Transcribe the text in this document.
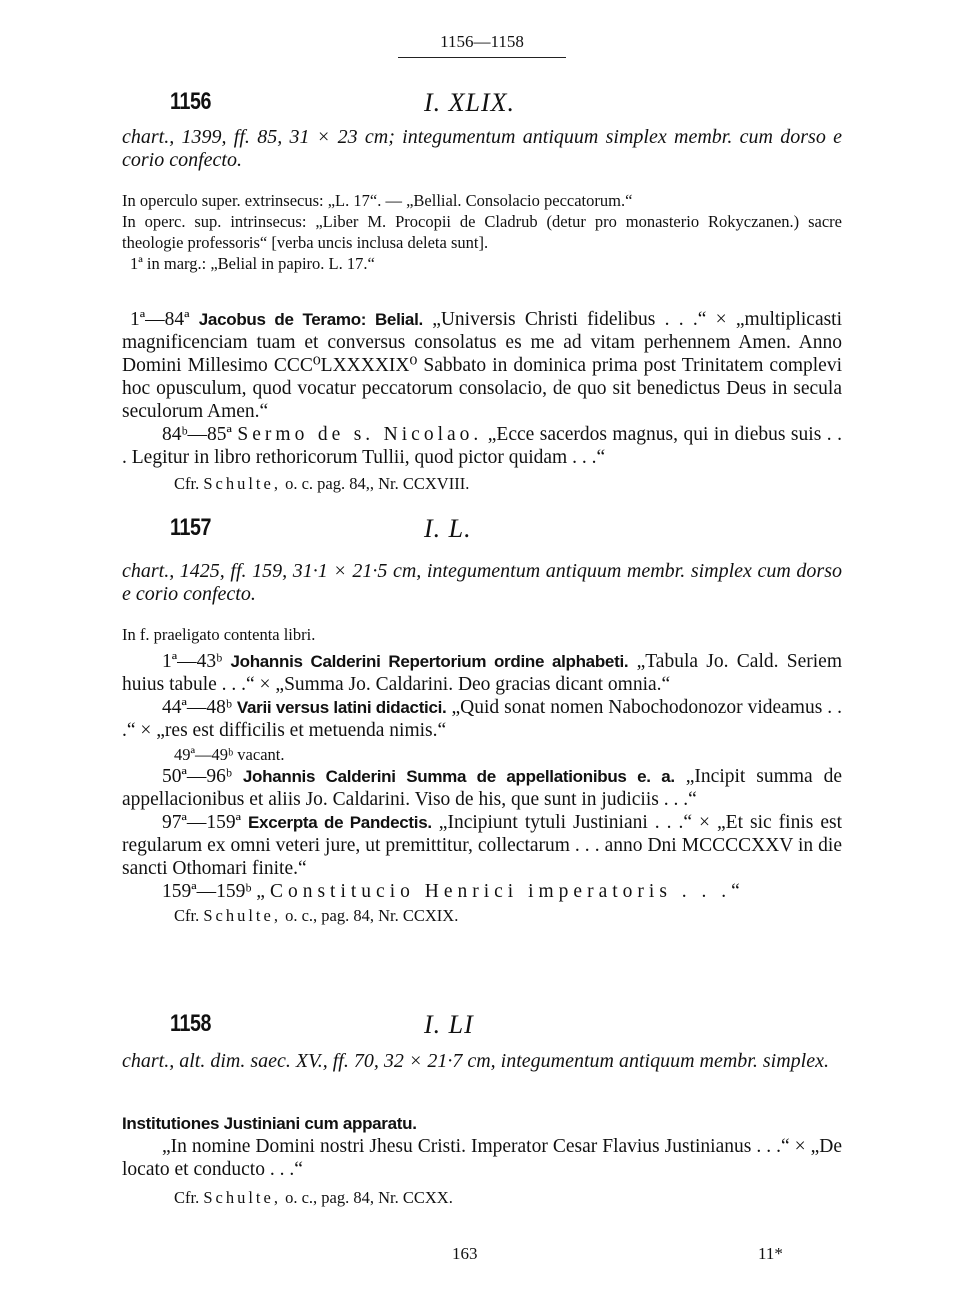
1156—1158
1156	I. XLIX.

chart., 1399, ff. 85, 31 × 23 cm; integumentum antiquum simplex membr. cum dorso e corio confecto.

In operculo super. extrinsecus: „L. 17“. — „Bellial. Consolacio peccatorum.“

In operc. sup. intrinsecus: „Liber M. Procopii de Cladrub (detur pro monasterio Rokyczanen.) sacre theologie professoris“ [verba uncis inclusa deleta sunt].

1ª in marg.: „Belial in papiro. L. 17.“

1ª—84ª Jacobus de Teramo: Belial. „Universis Christi fidelibus . . .“ × „multiplicasti magnificenciam tuam et conversus consolatus es me ad vitam perhennem Amen. Anno Domini Millesimo CCC⁰LXXXXIX⁰ Sabbato in dominica prima post Trinitatem complevi hoc opusculum, quod vocatur peccatorum consolacio, de quo sit benedictus Deus in secula seculorum Amen.“

84ᵇ—85ª Sermo de s. Nicolao. „Ecce sacerdos magnus, qui in diebus suis . . . Legitur in libro rethoricorum Tullii, quod pictor quidam . . .“

Cfr. Schulte, o. c. pag. 84,, Nr. CCXVIII.

1157	I. L.

chart., 1425, ff. 159, 31·1 × 21·5 cm, integumentum antiquum membr. simplex cum dorso e corio confecto.

In f. praeligato contenta libri.

1ª—43ᵇ Johannis Calderini Repertorium ordine alphabeti. „Tabula Jo. Cald. Seriem huius tabule . . .“ × „Summa Jo. Caldarini. Deo gracias dicant omnia.“

44ª—48ᵇ Varii versus latini didactici. „Quid sonat nomen Nabochodonozor videamus . . .“ × „res est difficilis et metuenda nimis.“

49ª—49ᵇ vacant.

50ª—96ᵇ Johannis Calderini Summa de appellationibus e. a. „Incipit summa de appellacionibus et aliis Jo. Caldarini. Viso de his, que sunt in judiciis . . .“

97ª—159ª Excerpta de Pandectis. „Incipiunt tytuli Justiniani . . .“ × „Et sic finis est regularum ex omni veteri jure, ut premittitur, collectarum . . . anno Dni MCCCCXXV in die sancti Othomari finite.“

159ª—159ᵇ „Constitucio Henrici imperatoris . . .“

Cfr. Schulte, o. c., pag. 84, Nr. CCXIX.

1158	I. LI

chart., alt. dim. saec. XV., ff. 70, 32 × 21·7 cm, integumentum antiquum membr. simplex.

Institutiones Justiniani cum apparatu.

„In nomine Domini nostri Jhesu Cristi. Imperator Cesar Flavius Justinianus . . .“ × „De locato et conducto . . .“

Cfr. Schulte, o. c., pag. 84, Nr. CCXX.

163	11*
